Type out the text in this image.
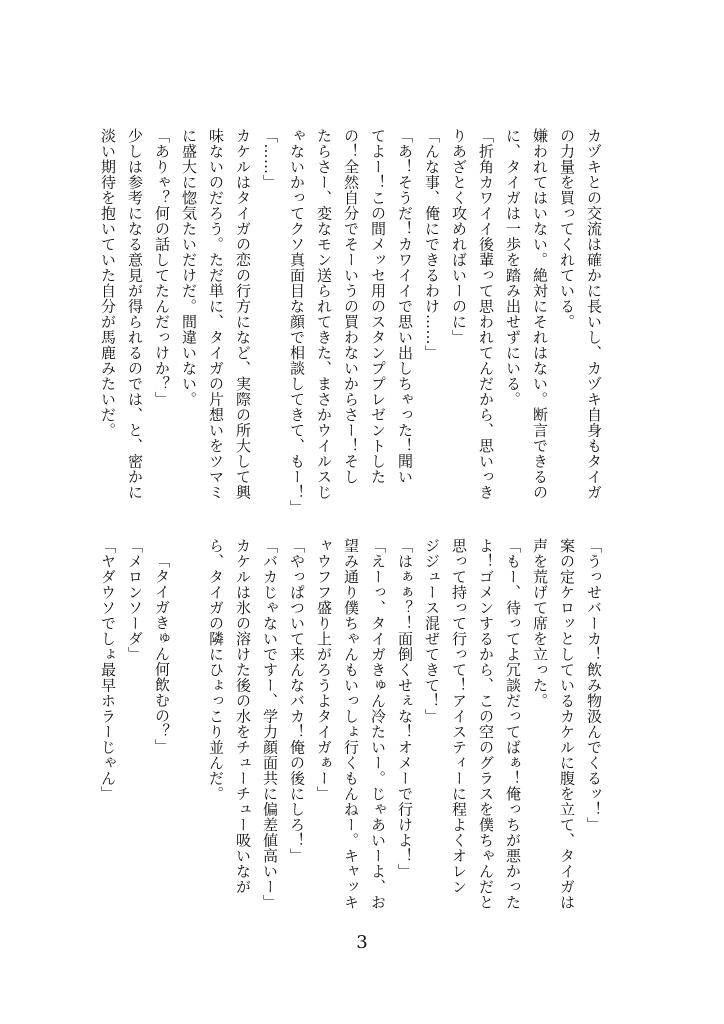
カヅキとの交流は確かに長いし、カヅキ自身もタイガ
の力量を買ってくれている。
嫌われてはいない。絶対にそれはない。断言できるの
に、タイガは一歩を踏み出せずにいる。
「折角カワイイ後輩って思われてんだから、思いっき
りあざとく攻めればいーのに」
「んな事、俺にできるわけ……」
「あ！そうだ！カワイイで思い出しちゃった！聞い
てよー！この間メッセ用のスタンププレゼントした
の！全然自分でそーいうの買わないからさー！そし
たらさー、変なモン送られてきた、まさかウイルスじ
ゃないかってクソ真面目な顔で相談してきて、もー！」
「……」
カケルはタイガの恋の行方になど、実際の所大して興
味ないのだろう。ただ単に、タイガの片想いをツマミ
に盛大に惚気たいだけだ。間違いない。
「ありゃ？何の話してたんだっけか？」
少しは参考になる意見が得られるのでは、と、密かに
淡い期待を抱いていた自分が馬鹿みたいだ。
「うっせバーカ！飲み物汲んでくるッ！」
案の定ケロッとしているカケルに腹を立て、タイガは
声を荒げて席を立った。
「もー、待ってよ冗談だってばぁ！俺っちが悪かった
よ！ゴメンするから、この空のグラスを僕ちゃんだと
思って持って行って！アイスティーに程よくオレン
ジジュース混ぜてきて！」
「はぁぁ？！面倒くせぇな！オメーで行けよ！」
「えーっ、タイガきゅん冷たいー。じゃあいーよ、お
望み通り僕ちゃんもいっしょ行くもんねー。キャッキ
ャウフフ盛り上がろうよタイガぁー」
「やっぱついて来んなバカ！俺の後にしろ！」
「バカじゃないですー、学力顔面共に偏差値高いー」
カケルは氷の溶けた後の水をチューチュー吸いなが
ら、タイガの隣にひょっこり並んだ。
「タイガきゅん何飲むの？」
「メロンソーダ」
「ヤダウソでしょ最早ホラーじゃん」
3
